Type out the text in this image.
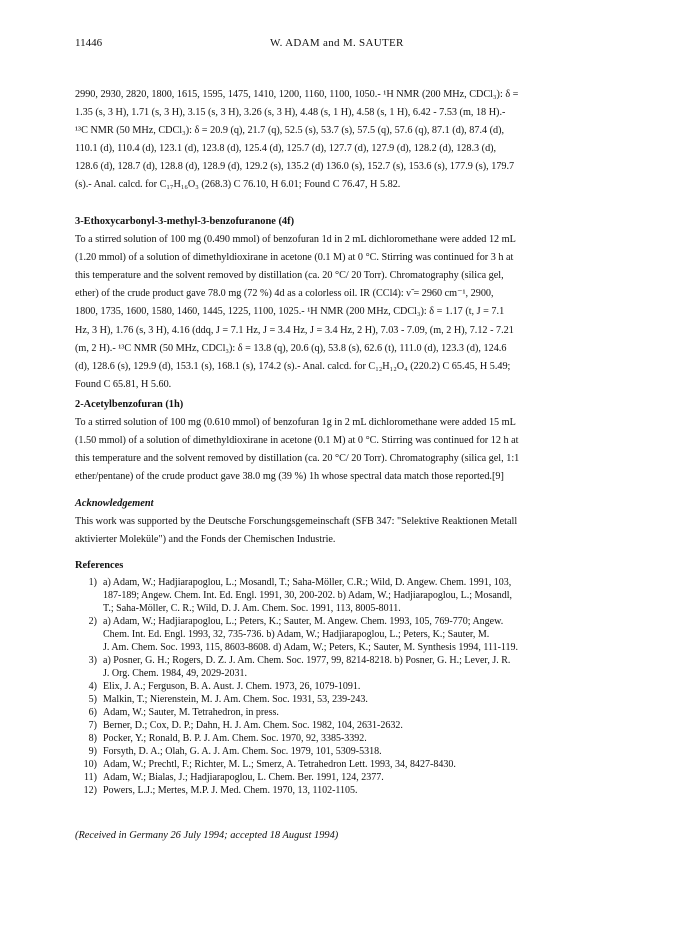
11446	W. ADAM and M. SAUTER

2990, 2930, 2820, 1800, 1615, 1595, 1475, 1410, 1200, 1160, 1100, 1050.- ¹H NMR (200 MHz, CDCl₃): δ =

1.35 (s, 3 H), 1.71 (s, 3 H), 3.15 (s, 3 H), 3.26 (s, 3 H), 4.48 (s, 1 H), 4.58 (s, 1 H), 6.42 - 7.53 (m, 18 H).-

¹³C NMR (50 MHz, CDCl₃): δ = 20.9 (q), 21.7 (q), 52.5 (s), 53.7 (s), 57.5 (q), 57.6 (q), 87.1 (d), 87.4 (d),

110.1 (d), 110.4 (d), 123.1 (d), 123.8 (d), 125.4 (d), 125.7 (d), 127.7 (d), 127.9 (d), 128.2 (d), 128.3 (d),

128.6 (d), 128.7 (d), 128.8 (d), 128.9 (d), 129.2 (s), 135.2 (d) 136.0 (s), 152.7 (s), 153.6 (s), 177.9 (s), 179.7

(s).- Anal. calcd. for C₁₇H₁₆O₃ (268.3) C 76.10, H 6.01; Found C 76.47, H 5.82.

3-Ethoxycarbonyl-3-methyl-3-benzofuranone (4f)

To a stirred solution of 100 mg (0.490 mmol) of benzofuran 1d in 2 mL dichloromethane were added 12 mL

(1.20 mmol) of a solution of dimethyldioxirane in acetone (0.1 M) at 0 °C. Stirring was continued for 3 h at

this temperature and the solvent removed by distillation (ca. 20 °C/ 20 Torr). Chromatography (silica gel,

ether) of the crude product gave 78.0 mg (72 %) 4d as a colorless oil. IR (CCl4): ν̃ = 2960 cm⁻¹, 2900,

1800, 1735, 1600, 1580, 1460, 1445, 1225, 1100, 1025.- ¹H NMR (200 MHz, CDCl₃): δ = 1.17 (t, J = 7.1

Hz, 3 H), 1.76 (s, 3 H), 4.16 (ddq, J = 7.1 Hz, J = 3.4 Hz, J = 3.4 Hz, 2 H), 7.03 - 7.09, (m, 2 H), 7.12 - 7.21

(m, 2 H).- ¹³C NMR (50 MHz, CDCl₃): δ = 13.8 (q), 20.6 (q), 53.8 (s), 62.6 (t), 111.0 (d), 123.3 (d), 124.6

(d), 128.6 (s), 129.9 (d), 153.1 (s), 168.1 (s), 174.2 (s).- Anal. calcd. for C₁₂H₁₂O₄ (220.2) C 65.45, H 5.49;

Found C 65.81, H 5.60.

2-Acetylbenzofuran (1h)

To a stirred solution of 100 mg (0.610 mmol) of benzofuran 1g in 2 mL dichloromethane were added 15 mL

(1.50 mmol) of a solution of dimethyldioxirane in acetone (0.1 M) at 0 °C. Stirring was continued for 12 h at

this temperature and the solvent removed by distillation (ca. 20 °C/ 20 Torr). Chromatography (silica gel, 1:1

ether/pentane) of the crude product gave 38.0 mg (39 %) 1h whose spectral data match those reported.[9]

Acknowledgement

This work was supported by the Deutsche Forschungsgemeinschaft (SFB 347: "Selektive Reaktionen Metall

aktivierter Moleküle") and the Fonds der Chemischen Industrie.

References

1) a) Adam, W.; Hadjiarapoglou, L.; Mosandl, T.; Saha-Möller, C.R.; Wild, D. Angew. Chem. 1991, 103,
187-189; Angew. Chem. Int. Ed. Engl. 1991, 30, 200-202. b) Adam, W.; Hadjiarapoglou, L.; Mosandl,
T.; Saha-Möller, C. R.; Wild, D. J. Am. Chem. Soc. 1991, 113, 8005-8011.
2) a) Adam, W.; Hadjiarapoglou, L.; Peters, K.; Sauter, M. Angew. Chem. 1993, 105, 769-770; Angew.
Chem. Int. Ed. Engl. 1993, 32, 735-736. b) Adam, W.; Hadjiarapoglou, L.; Peters, K.; Sauter, M.
J. Am. Chem. Soc. 1993, 115, 8603-8608. d) Adam, W.; Peters, K.; Sauter, M. Synthesis 1994, 111-119.
3) a) Posner, G. H.; Rogers, D. Z. J. Am. Chem. Soc. 1977, 99, 8214-8218. b) Posner, G. H.; Lever, J. R.
J. Org. Chem. 1984, 49, 2029-2031.
4) Elix, J. A.; Ferguson, B. A. Aust. J. Chem. 1973, 26, 1079-1091.
5) Malkin, T.; Nierenstein, M. J. Am. Chem. Soc. 1931, 53, 239-243.
6) Adam, W.; Sauter, M. Tetrahedron, in press.
7) Berner, D.; Cox, D. P.; Dahn, H. J. Am. Chem. Soc. 1982, 104, 2631-2632.
8) Pocker, Y.; Ronald, B. P. J. Am. Chem. Soc. 1970, 92, 3385-3392.
9) Forsyth, D. A.; Olah, G. A. J. Am. Chem. Soc. 1979, 101, 5309-5318.
10) Adam, W.; Prechtl, F.; Richter, M. L.; Smerz, A. Tetrahedron Lett. 1993, 34, 8427-8430.
11) Adam, W.; Bialas, J.; Hadjiarapoglou, L. Chem. Ber. 1991, 124, 2377.
12) Powers, L.J.; Mertes, M.P. J. Med. Chem. 1970, 13, 1102-1105.
(Received in Germany 26 July 1994; accepted 18 August 1994)
